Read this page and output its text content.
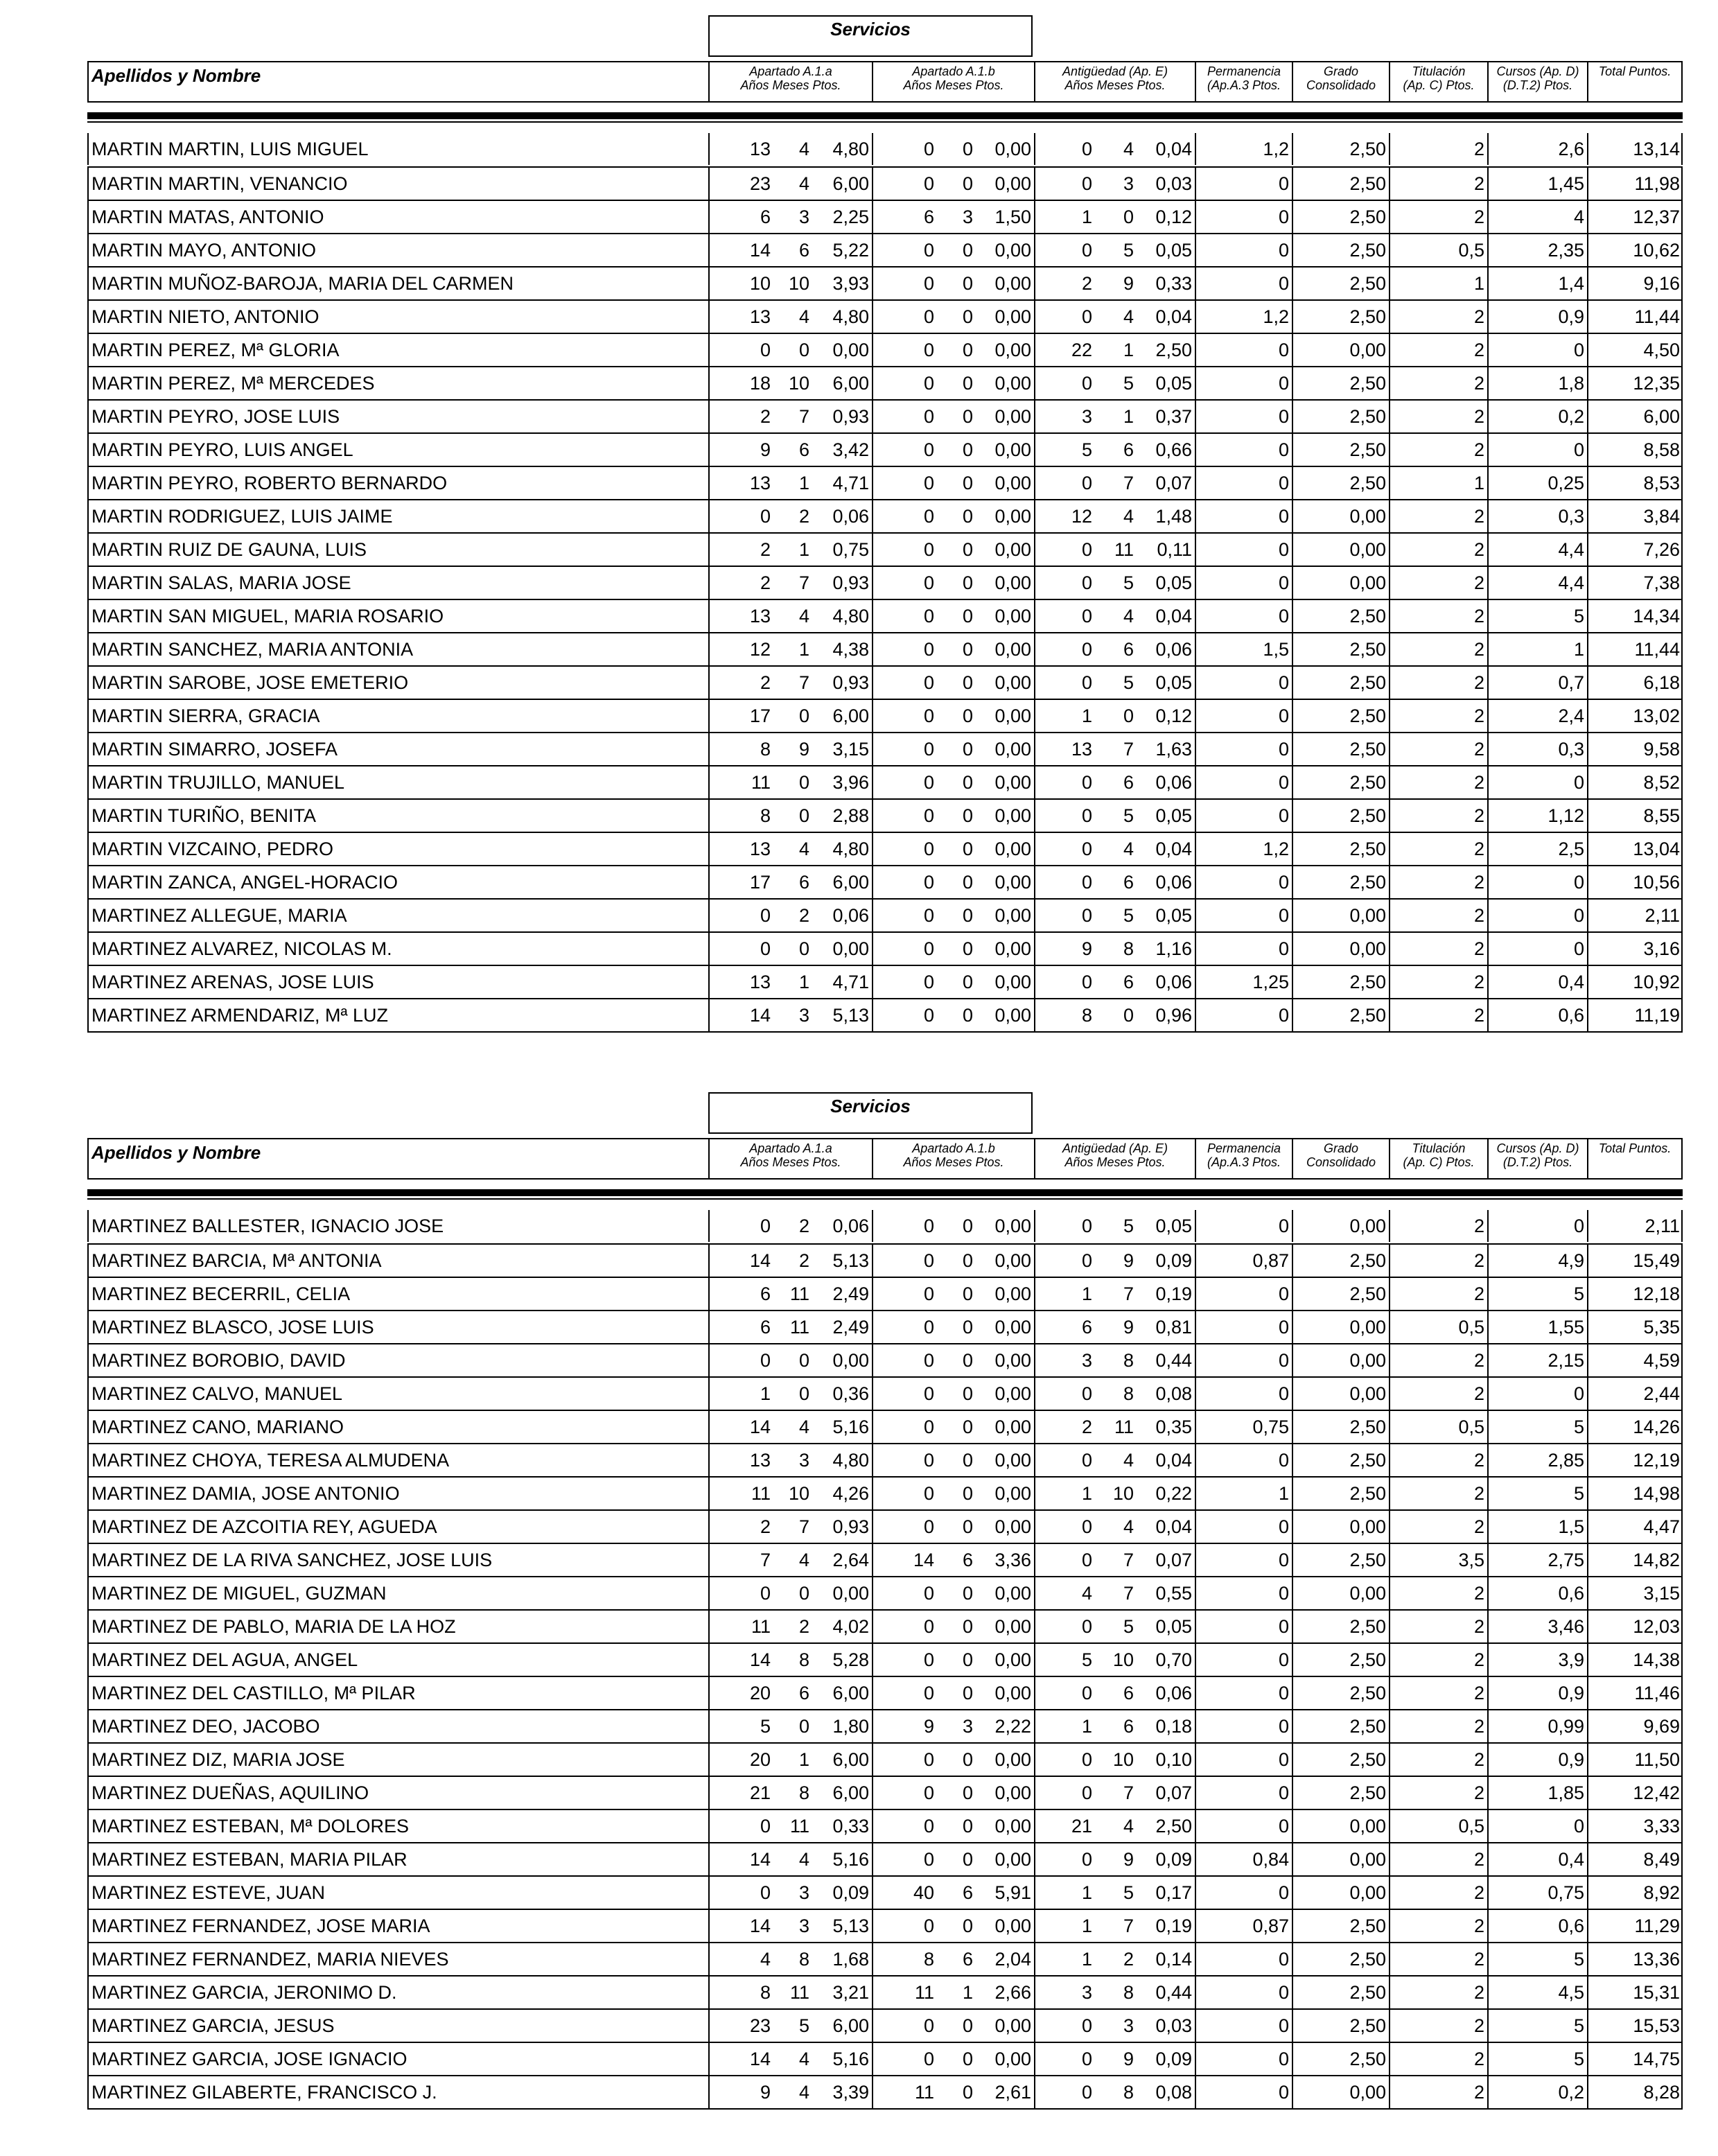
Servicios
Apellidos y Nombre	Apartado A.1.a
Años Meses Ptos.
Apartado A.1.b
Años Meses Ptos.
Antigüedad (Ap. E)
Años Meses Ptos.
Permanencia
(Ap.A.3 Ptos.
Grado
Consolidado
Titulación
(Ap. C) Ptos.
Cursos (Ap. D)
(D.T.2) Ptos.
Total Puntos.
MARTIN MARTIN, LUIS MIGUEL	13	4	4,80	0	0	0,00	0	4	0,04	1,2	2,50	2	2,6	13,14
MARTIN MARTIN, VENANCIO	23	4	6,00	0	0	0,00	0	3	0,03	0	2,50	2	1,45	11,98
MARTIN MATAS, ANTONIO	6	3	2,25	6	3	1,50	1	0	0,12	0	2,50	2	4	12,37
MARTIN MAYO, ANTONIO	14	6	5,22	0	0	0,00	0	5	0,05	0	2,50	0,5	2,35	10,62
MARTIN MUÑOZ-BAROJA, MARIA DEL CARMEN	10 10	3,93	0	0	0,00	2	9	0,33	0	2,50	1	1,4	9,16
MARTIN NIETO, ANTONIO	13	4	4,80	0	0	0,00	0	4	0,04	1,2	2,50	2	0,9	11,44
MARTIN PEREZ, Mª GLORIA	0	0	0,00	0	0	0,00	22	1	2,50	0	0,00	2	0	4,50
MARTIN PEREZ, Mª MERCEDES	18 10	6,00	0	0	0,00	0	5	0,05	0	2,50	2	1,8	12,35
MARTIN PEYRO, JOSE LUIS	2	7	0,93	0	0	0,00	3	1	0,37	0	2,50	2	0,2	6,00
MARTIN PEYRO, LUIS ANGEL	9	6	3,42	0	0	0,00	5	6	0,66	0	2,50	2	0	8,58
MARTIN PEYRO, ROBERTO BERNARDO	13	1	4,71	0	0	0,00	0	7	0,07	0	2,50	1	0,25	8,53
MARTIN RODRIGUEZ, LUIS JAIME	0	2	0,06	0	0	0,00	12	4	1,48	0	0,00	2	0,3	3,84
MARTIN RUIZ DE GAUNA, LUIS	2	1	0,75	0	0	0,00	0	11	0,11	0	0,00	2	4,4	7,26
MARTIN SALAS, MARIA JOSE	2	7	0,93	0	0	0,00	0	5	0,05	0	0,00	2	4,4	7,38
MARTIN SAN MIGUEL, MARIA ROSARIO	13	4	4,80	0	0	0,00	0	4	0,04	0	2,50	2	5	14,34
MARTIN SANCHEZ, MARIA ANTONIA	12	1	4,38	0	0	0,00	0	6	0,06	1,5	2,50	2	1	11,44
MARTIN SAROBE, JOSE EMETERIO	2	7	0,93	0	0	0,00	0	5	0,05	0	2,50	2	0,7	6,18
MARTIN SIERRA, GRACIA	17	0	6,00	0	0	0,00	1	0	0,12	0	2,50	2	2,4	13,02
MARTIN SIMARRO, JOSEFA	8	9	3,15	0	0	0,00	13	7	1,63	0	2,50	2	0,3	9,58
MARTIN TRUJILLO, MANUEL	11	0	3,96	0	0	0,00	0	6	0,06	0	2,50	2	0	8,52
MARTIN TURIÑO, BENITA	8	0	2,88	0	0	0,00	0	5	0,05	0	2,50	2	1,12	8,55
MARTIN VIZCAINO, PEDRO	13	4	4,80	0	0	0,00	0	4	0,04	1,2	2,50	2	2,5	13,04
MARTIN ZANCA, ANGEL-HORACIO	17	6	6,00	0	0	0,00	0	6	0,06	0	2,50	2	0	10,56
MARTINEZ ALLEGUE, MARIA	0	2	0,06	0	0	0,00	0	5	0,05	0	0,00	2	0	2,11
MARTINEZ ALVAREZ, NICOLAS M.	0	0	0,00	0	0	0,00	9	8	1,16	0	0,00	2	0	3,16
MARTINEZ ARENAS, JOSE LUIS	13	1	4,71	0	0	0,00	0	6	0,06	1,25	2,50	2	0,4	10,92
MARTINEZ ARMENDARIZ, Mª LUZ	14	3	5,13	0	0	0,00	8	0	0,96	0	2,50	2	0,6	11,19
Servicios
Apellidos y Nombre	Apartado A.1.a
Años Meses Ptos.
Apartado A.1.b
Años Meses Ptos.
Antigüedad (Ap. E)
Años Meses Ptos.
Permanencia
(Ap.A.3 Ptos.
Grado
Consolidado
Titulación
(Ap. C) Ptos.
Cursos (Ap. D)
(D.T.2) Ptos.
Total Puntos.
MARTINEZ BALLESTER, IGNACIO JOSE	0	2	0,06	0	0	0,00	0	5	0,05	0	0,00	2	0	2,11
MARTINEZ BARCIA, Mª ANTONIA	14	2	5,13	0	0	0,00	0	9	0,09	0,87	2,50	2	4,9	15,49
MARTINEZ BECERRIL, CELIA	6	11	2,49	0	0	0,00	1	7	0,19	0	2,50	2	5	12,18
MARTINEZ BLASCO, JOSE LUIS	6	11	2,49	0	0	0,00	6	9	0,81	0	0,00	0,5	1,55	5,35
MARTINEZ BOROBIO, DAVID	0	0	0,00	0	0	0,00	3	8	0,44	0	0,00	2	2,15	4,59
MARTINEZ CALVO, MANUEL	1	0	0,36	0	0	0,00	0	8	0,08	0	0,00	2	0	2,44
MARTINEZ CANO, MARIANO	14	4	5,16	0	0	0,00	2	11	0,35	0,75	2,50	0,5	5	14,26
MARTINEZ CHOYA, TERESA ALMUDENA	13	3	4,80	0	0	0,00	0	4	0,04	0	2,50	2	2,85	12,19
MARTINEZ DAMIA, JOSE ANTONIO	11 10	4,26	0	0	0,00	1	10	0,22	1	2,50	2	5	14,98
MARTINEZ DE AZCOITIA REY, AGUEDA	2	7	0,93	0	0	0,00	0	4	0,04	0	0,00	2	1,5	4,47
MARTINEZ DE LA RIVA SANCHEZ, JOSE LUIS	7	4	2,64	14	6	3,36	0	7	0,07	0	2,50	3,5	2,75	14,82
MARTINEZ DE MIGUEL, GUZMAN	0	0	0,00	0	0	0,00	4	7	0,55	0	0,00	2	0,6	3,15
MARTINEZ DE PABLO, MARIA DE LA HOZ	11	2	4,02	0	0	0,00	0	5	0,05	0	2,50	2	3,46	12,03
MARTINEZ DEL AGUA, ANGEL	14	8	5,28	0	0	0,00	5	10	0,70	0	2,50	2	3,9	14,38
MARTINEZ DEL CASTILLO, Mª PILAR	20	6	6,00	0	0	0,00	0	6	0,06	0	2,50	2	0,9	11,46
MARTINEZ DEO, JACOBO	5	0	1,80	9	3	2,22	1	6	0,18	0	2,50	2	0,99	9,69
MARTINEZ DIZ, MARIA JOSE	20	1	6,00	0	0	0,00	0	10	0,10	0	2,50	2	0,9	11,50
MARTINEZ DUEÑAS, AQUILINO	21	8	6,00	0	0	0,00	0	7	0,07	0	2,50	2	1,85	12,42
MARTINEZ ESTEBAN, Mª DOLORES	0	11	0,33	0	0	0,00	21	4	2,50	0	0,00	0,5	0	3,33
MARTINEZ ESTEBAN, MARIA PILAR	14	4	5,16	0	0	0,00	0	9	0,09	0,84	0,00	2	0,4	8,49
MARTINEZ ESTEVE, JUAN	0	3	0,09	40	6	5,91	1	5	0,17	0	0,00	2	0,75	8,92
MARTINEZ FERNANDEZ, JOSE MARIA	14	3	5,13	0	0	0,00	1	7	0,19	0,87	2,50	2	0,6	11,29
MARTINEZ FERNANDEZ, MARIA NIEVES	4	8	1,68	8	6	2,04	1	2	0,14	0	2,50	2	5	13,36
MARTINEZ GARCIA, JERONIMO D.	8	11	3,21	11	1	2,66	3	8	0,44	0	2,50	2	4,5	15,31
MARTINEZ GARCIA, JESUS	23	5	6,00	0	0	0,00	0	3	0,03	0	2,50	2	5	15,53
MARTINEZ GARCIA, JOSE IGNACIO	14	4	5,16	0	0	0,00	0	9	0,09	0	2,50	2	5	14,75
MARTINEZ GILABERTE, FRANCISCO J.	9	4	3,39	11	0	2,61	0	8	0,08	0	0,00	2	0,2	8,28
